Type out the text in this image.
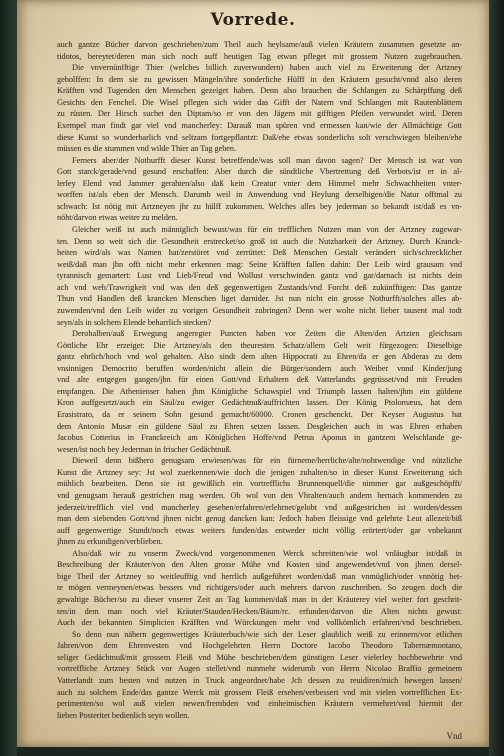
Vorrede.
auch gantze Bücher darvon geschrieben/zum Theil auch heylsame/auß vielen Kräutern zusammen gesetzte an-
tidotos, bereytet/deren man sich noch auff heutigen Tag etwan pfleget mit grossem Nutzen zugebrauchen.
Die vnvernünfftige Thier (welches billich zuverwundern) haben auch viel zu Erweiterung der Artzney
geholffen: In dem sie zu gewissen Mängeln/ihre sonderliche Hülff in den Kräutern gesucht/vnnd also deren
Kräfften vnd Tugenden den Menschen gezeiget haben. Denn also brauchen die Schlangen zu Schärpffung deß
Gesichts den Fenchel. Die Wisel pflegen sich wider das Gifft der Natern vnd Schlangen mit Rautenblättern
zu rüsten. Der Hirsch suchet den Diptam/so er von den Jägern mit gifftigen Pfeilen verwundet wird. Deren
Exempel man findt gar viel vnd mancherley: Darauß man spüren vnd ermessen kan/wie der Allmächtige Gott
diese Kunst so wunderbarlich vnd seltzam fortgepflantzt: Daß/ehe etwas sonderlichs solt verschwiegen bleiben/ehe
müssen es die stummen vnd wilde Thier an Tag geben.
Ferners aber/der Nothurfft dieser Kunst betreffende/was soll man davon sagen? Der Mensch ist war von
Gott starck/gerade/vnd gesund erschaffen: Aber durch die sündtliche Vbertrettung deß Verbots/ist er in al-
lerley Elend vnd Jammer gerahten/also daß kein Creatur vnter dem Himmel mehr Schwachheiten vnter-
worffen ist/als eben der Mensch. Darumb weil in Anwendung vnd Heylung derselbigen/die Natur offtmal zu
schwach: Ist nötig mit Artzneyen jhr zu hülff zukommen. Welches alles bey jederman so bekandt ist/daß es vn-
nöht/darvon etwas weiter zu melden.
Gleicher weiß ist auch männiglich bewust/was für ein trefflichen Nutzen man von der Artzney zugewar-
ten. Denn so weit sich die Gesundheit erstrecket/so groß ist auch die Nutzbarkeit der Artzney. Durch Kranck-
heiten wird/als was Namen hat/zerstöret vnd zerrüttet: Deß Menschen Gestalt verändert sich/schrecklicher
weiß/daß man jhn offt nicht mehr erkennen mag: Seine Kräfften fallen dahin: Der Leib wird grausam vnd
tyrannisch gemartert: Lust vnd Lieb/Freud vnd Wollust verschwinden gantz vnd gar/darnach ist nichts dein
ach vnd weh/Trawrigkeit vnd was den deß gegenwertigen Zustands/vnd Forcht deß zukünfftigen: Das gantze
Thun vnd Handlen deß krancken Menschen liget darnider. Jst nun nicht ein grosse Nothurfft/solches alles ab-
zuwenden/vnd den Leib wider zu vorigen Gesundheit zubringen? Denn wer wolte nicht lieber tausent mal todt
seyn/als in solchem Elende beharrlich stecken?
Derohalben/auß Erwegung angeregter Puncten haben vor Zeiten die Alten/den Artzten gleichsam
Göttliche Ehr erzeiget: Die Artzney/als den theuresten Schatz/allem Gelt weit fürgezogen: Dieselbige
gantz ehrlich/hoch vnd wol gehalten. Also sindt dem alten Hippocrati zu Ehren/da er gen Abderas zu dem
vnsinnigen Democrito beruffen worden/nicht allein die Bürger/sondern auch Weiber vnnd Kinder/jung
vnd alte entgegen gangen/jhn für einen Gott/vnd Erhaltern deß Vatterlandts gegrüsset/vnd mit Freuden
empfangen. Die Athenienser haben jhm Königliche Schawspiel vnd Triumph lassen halten/jhm ein güldene
Kron auffgesetzt/auch ein Säul/zu ewiger Gedächtnuß/auffrichten lassen. Der König Ptolomæus, hat dem
Erasistrato, da er seinem Sohn gesund gemacht/60000. Cronen geschenckt. Der Keyser Augustus hat
dem Antonio Musæ ein güldene Säul zu Ehren setzen lassen. Desgleichen auch in was Ehren erhaben
Jacobus Cotterius in Franckreich am Königlichen Hoffe/vnd Petrus Aponus in gantzem Welschlande ge-
wesen/ist noch bey Jederman in frischer Gedächtnuß.
Dieweil denn bißhero genugsam erwiesen/was für ein fürneme/herrliche/alte/nohtwendige vnd nützliche
Kunst die Artzney sey: Jst wol zuerkennen/wie doch die jenigen zuhalten/so in dieser Kunst Erweiterung sich
mühlich bearbeiten. Denn sie ist gewißlich ein vortrefflichs Brunnenquell/die nimmer gar außgeschöpfft/
vnd genugsam herauß gestrichen mag werden. Ob wol von den Vhralten/auch andern hernach kommenden zu
jederzeit/trefflich viel vnd mancherley gesehen/erfahren/erlehrnet/gelobt vnd außgestrichen ist worden/dessen
man dem siebenden Gott/vnd jhnen nicht genug dancken kan: Jedoch haben fleissige vnd gelehrte Leut allezeit/biß
auff gegenwertige Stundt/noch etwas weiters funden/das entweder nicht völlig erörtert/oder gar vnbekannt
jhnen zu erkundigen/verblieben.
Also/daß wir zu vnserm Zweck/vnd vorgenommenen Werck schreitten/wie wol vnläugbar ist/daß in
Beschreibung der Kräuter/von den Alten grosse Mühe vnd Kosten sind angewendet/vnd von jhnen dersel-
bige Theil der Artzney so weitleufftig vnd herrlich außgeführet worden/daß man vnmüglich/oder vnnötig het-
te mögen vermeynen/etwas bessers vnd richtigers/oder auch mehrers darvon zuschreiben. So zeugen doch die
gewaltige Bücher/so zu dieser vnserer Zeit an Tag kommen/daß man in der Kräuterey viel weiter fort geschrit-
ten/in dem man noch viel Kräuter/Stauden/Hecken/Bäum/rc. erfunden/darvon die Alten nichts gewust:
Auch der bekannten Simplicien Kräfften vnd Würckungen mehr vnd vollkömlich erfahren/vnd beschrieben.
So denn nun nähern gegenwertiges Kräuterbuch/wie sich der Leser glaublich weiß zu erinnern/vor etlichen
Jahren/von dem Ehrenvesten vnd Hochgelehrten Herrn Doctore Iacobo Theodoro Tabernæmontano,
seliger Gedächtnuß/mit grossem Fleiß vnd Mühe beschrieben/dem günstigen Leser vielerley hochbewehrte vnd
vortreffliche Artzney Stück vor Augen stellet/vnd nunmehr widerumb von Herrn Nicolao Braffio gemeinem
Vatterlandt zum besten vnd nutzen in Truck angeordnet/habe Jch dessen zu reuidiren/mich bewegen lassen/
auch zu solchem Ende/das gantze Werck mit grossem Fleiß ersehen/verbessert vnd mit vielen vortrefflichen Ex-
perimenten/so wol auß vielen newen/frembden vnd einheimischen Kräutern vermehret/vnd hiermit der
lieben Posteritet bedienlich seyn wollen.
Vnd
